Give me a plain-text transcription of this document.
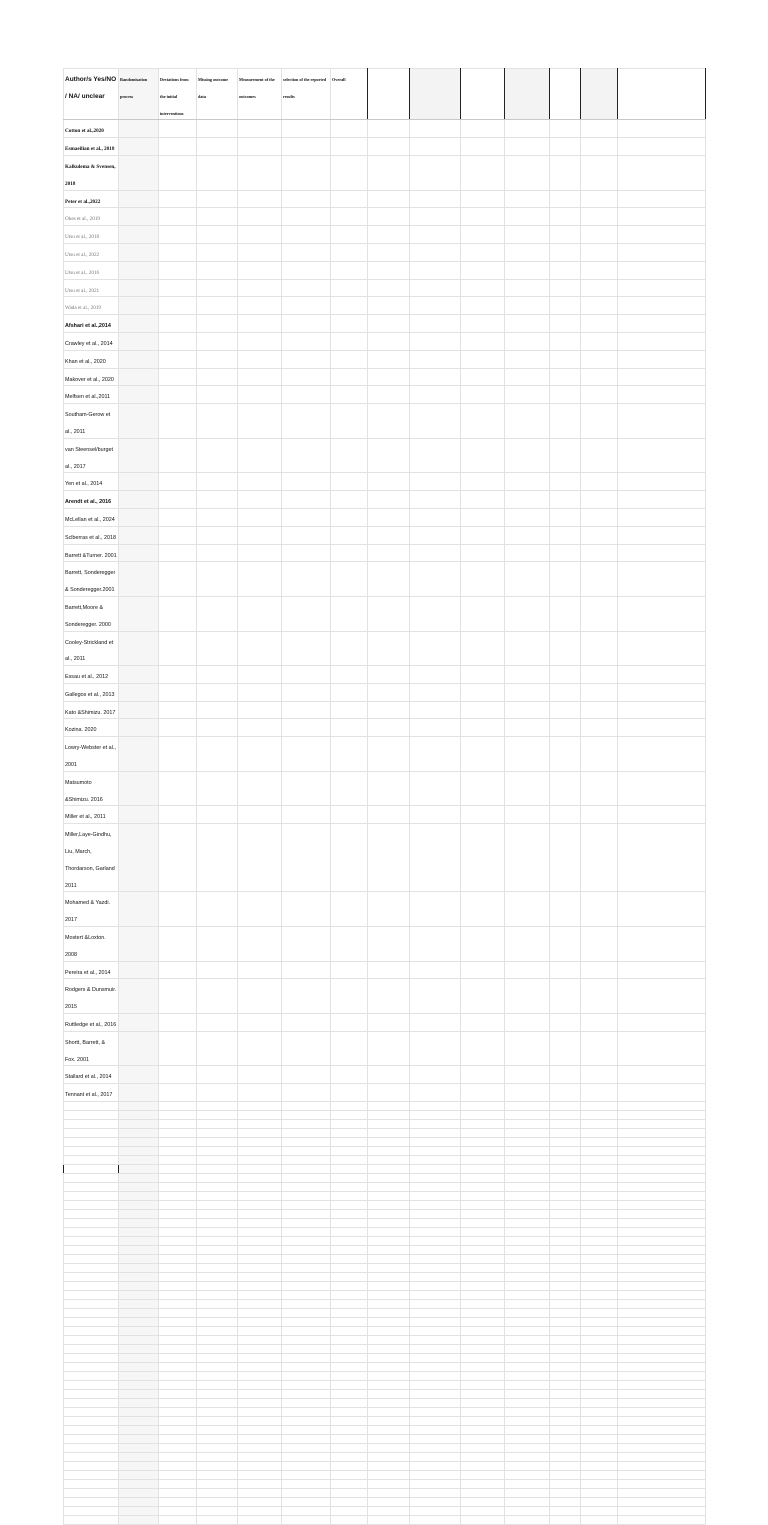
Author/s Yes/NO / NA/ unclear	Randomisation process	Deviations from the initial interventions	Missing outcome data	Measurement of the outcomes	selection of the reported results	Overall							
Cotton et al.,2020													
Esmaeilian et al., 2018													
Kalkulema & Svensen, 2018													
Peter et al.,2022													
Okes et al., 2019													
Utsu et al., 2018													
Utsu et al., 2022													
Utsu et al., 2016													
Utsu et al., 2021													
Wada et al., 2019													
Afshari et al.,2014													
Crawley et al., 2014													
Khan et al., 2020													
Makover et al., 2020													
Melfsen et al.,2011													
Southam-Gerow et al., 2011													
van Steensel/burget al., 2017													
Yen et al., 2014													
Arendt et al., 2016													
McLellan et al., 2024													
Sclberras et al., 2018													
Barrett &Turner. 2001													
Barrett, Sonderegger & Sonderegger.2001													
Barrett,Moore & Sonderegger. 2000													
Cooley-Strickland et al., 2011													
Essau et al., 2012													
Gallegos et al., 2013													
Kato &Shimizu. 2017													
Kozina. 2020													
Lowry-Webster et al., 2001													
Matsumoto &Shimizu. 2016													
Miller et al., 2011													
Miller,Laye-Gindhu, Liu, March, Thordarson, Garland 2011													
Mohamed & Yazdi. 2017													
Mostert &Loxton. 2008													
Pereira et al., 2014													
Rodgers & Dunsmuir. 2015													
Ruttledge et al., 2016													
Shortt, Barrett, & Fox. 2001													
Stallard et al., 2014													
Tennant et al., 2017													
